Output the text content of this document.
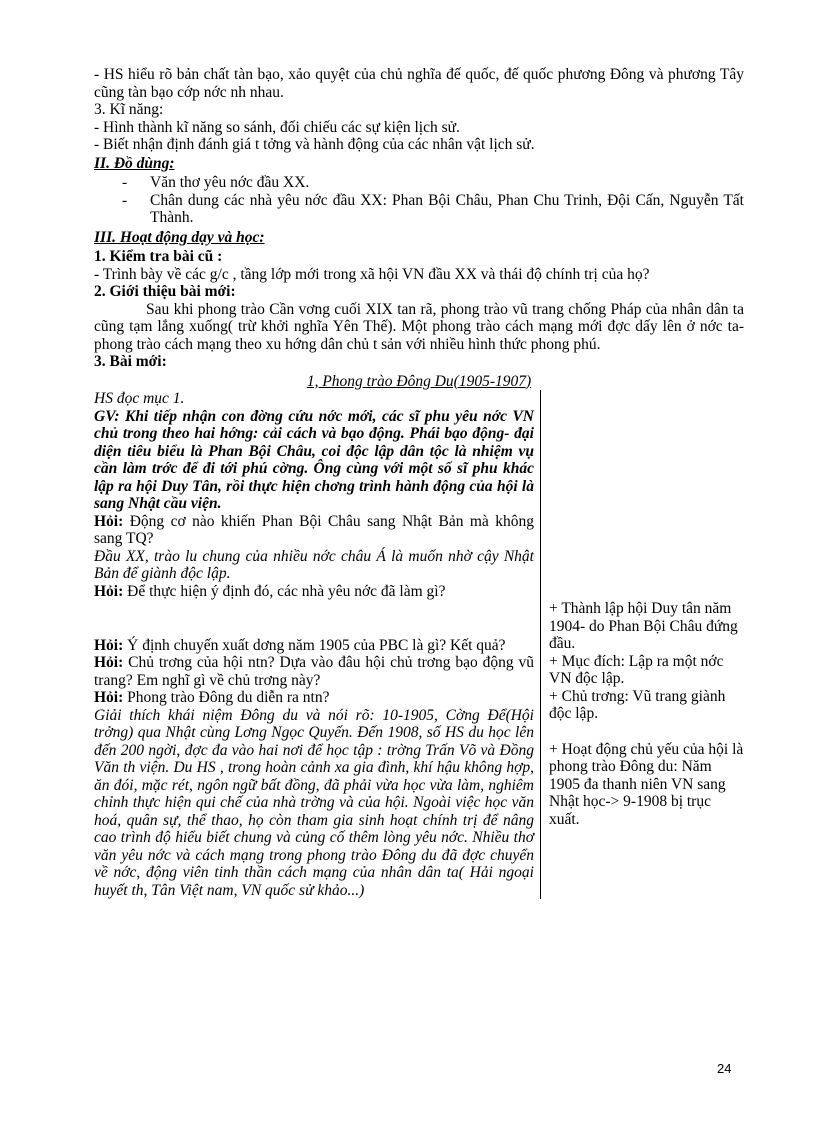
- HS hiểu rõ bản chất tàn bạo, xảo quyệt của chủ nghĩa đế quốc, đế quốc phương Đông và phương Tây cũng tàn bạo cớp nớc nh nhau.

3. Kĩ năng:

- Hình thành kĩ năng so sánh, đối chiếu các sự kiện lịch sử.

- Biết nhận định đánh giá t tởng và hành động của các nhân vật lịch sử.

II. Đồ dùng:

- Văn thơ yêu nớc đầu XX.
- Chân dung các nhà yêu nớc đầu XX: Phan Bội Châu, Phan Chu Trinh, Đội Cấn, Nguyễn Tất Thành.

III. Hoạt động dạy và học:

1. Kiểm tra bài cũ :

- Trình bày về các g/c , tầng lớp mới trong xã hội VN đầu XX và thái độ chính trị của họ?

2. Giới thiệu bài mới:

Sau khi phong trào Cần vơng cuối XIX tan rã, phong trào vũ trang chống Pháp của nhân dân ta cũng tạm lắng xuống( trừ khởi nghĩa Yên Thế). Một phong trào cách mạng mới đợc dấy lên ở nớc ta- phong trào cách mạng theo xu hớng dân chủ t sản với nhiều hình thức phong phú.

3. Bài mới:

1, Phong trào Đông Du(1905-1907)

HS đọc mục 1.

GV: Khi tiếp nhận con đờng cứu nớc mới, các sĩ phu yêu nớc VN chủ trong theo hai hớng: cải cách và bạo động. Phái bạo động- đại diện tiêu biểu là Phan Bội Châu, coi độc lập dân tộc là nhiệm vụ cần làm trớc để đi tới phú cờng. Ông cùng với một số sĩ phu khác lập ra hội Duy Tân, rồi thực hiện chơng trình hành động của hội là sang Nhật cầu viện.

Hỏi: Động cơ nào khiến Phan Bội Châu sang Nhật Bản mà không sang TQ?

Đầu XX, trào lu chung của nhiều nớc châu Á là muốn nhờ cậy Nhật Bản để giành độc lập.

Hỏi: Để thực hiện ý định đó, các nhà yêu nớc đã làm gì?

Hỏi: Ý định chuyến xuất dơng năm 1905 của PBC là gì? Kết quả?

Hỏi: Chủ trơng của hội ntn? Dựa vào đâu hội chủ trơng bạo động vũ trang? Em nghĩ gì về chủ trơng này?

Hỏi: Phong trào Đông du diễn ra ntn?

Giải thích khái niệm Đông du và nói rõ: 10-1905, Cờng Để(Hội trởng) qua Nhật cùng Lơng Ngọc Quyến. Đến 1908, số HS du học lên đến 200 ngời, đợc đa vào hai nơi để học tập : trờng Trấn Võ và Đồng Văn th viện. Du HS , trong hoàn cảnh xa gia đình, khí hậu không hợp, ăn đói, mặc rét, ngôn ngữ bất đồng, đã phải vừa học vừa làm, nghiêm chỉnh thực hiện qui chế của nhà trờng và của hội. Ngoài việc học văn hoá, quân sự, thể thao, họ còn tham gia sinh hoạt chính trị để nâng cao trình độ hiểu biết chung và củng cố thêm lòng yêu nớc. Nhiều thơ văn yêu nớc và cách mạng trong phong trào Đông du đã đợc chuyển về nớc, động viên tinh thần cách mạng của nhân dân ta( Hải ngoại huyết th, Tân Việt nam, VN quốc sử khảo...)

+ Thành lập hội Duy tân năm 1904- do Phan Bội Châu đứng đầu.

+ Mục đích: Lập ra một nớc VN độc lập.

+ Chủ trơng: Vũ trang giành độc lập.

+ Hoạt động chủ yếu của hội là phong trào Đông du: Năm 1905 đa thanh niên VN sang Nhật học-> 9-1908 bị trục xuất.

24
